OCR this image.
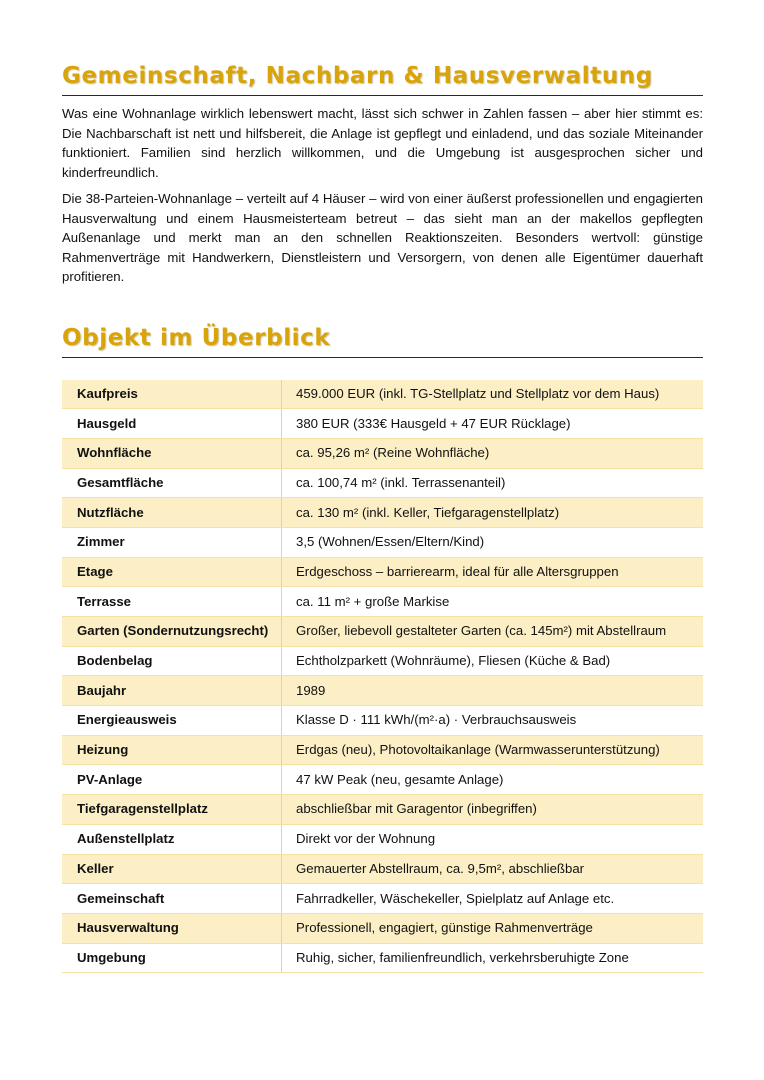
Gemeinschaft, Nachbarn & Hausverwaltung

Was eine Wohnanlage wirklich lebenswert macht, lässt sich schwer in Zahlen fassen – aber hier stimmt es: Die Nachbarschaft ist nett und hilfsbereit, die Anlage ist gepflegt und einladend, und das soziale Miteinander funktioniert. Familien sind herzlich willkommen, und die Umgebung ist ausgesprochen sicher und kinderfreundlich.

Die 38-Parteien-Wohnanlage – verteilt auf 4 Häuser – wird von einer äußerst professionellen und engagierten Hausverwaltung und einem Hausmeisterteam betreut – das sieht man an der makellos gepflegten Außenanlage und merkt man an den schnellen Reaktionszeiten. Besonders wertvoll: günstige Rahmenverträge mit Handwerkern, Dienstleistern und Versorgern, von denen alle Eigentümer dauerhaft profitieren.

Objekt im Überblick
Kaufpreis	459.000 EUR (inkl. TG-Stellplatz und Stellplatz vor dem Haus)
Hausgeld	380 EUR (333€ Hausgeld + 47 EUR Rücklage)
Wohnfläche	ca. 95,26 m² (Reine Wohnfläche)
Gesamtfläche	ca. 100,74 m² (inkl. Terrassenanteil)
Nutzfläche	ca. 130 m² (inkl. Keller, Tiefgaragenstellplatz)
Zimmer	3,5 (Wohnen/Essen/Eltern/Kind)
Etage	Erdgeschoss – barrierearm, ideal für alle Altersgruppen
Terrasse	ca. 11 m² + große Markise
Garten (Sondernutzungsrecht)	Großer, liebevoll gestalteter Garten (ca. 145m²) mit Abstellraum
Bodenbelag	Echtholzparkett (Wohnräume), Fliesen (Küche & Bad)
Baujahr	1989
Energieausweis	Klasse D · 111 kWh/(m²·a) · Verbrauchsausweis
Heizung	Erdgas (neu), Photovoltaikanlage (Warmwasserunterstützung)
PV-Anlage	47 kW Peak (neu, gesamte Anlage)
Tiefgaragenstellplatz	abschließbar mit Garagentor (inbegriffen)
Außenstellplatz	Direkt vor der Wohnung
Keller	Gemauerter Abstellraum, ca. 9,5m², abschließbar
Gemeinschaft	Fahrradkeller, Wäschekeller, Spielplatz auf Anlage etc.
Hausverwaltung	Professionell, engagiert, günstige Rahmenverträge
Umgebung	Ruhig, sicher, familienfreundlich, verkehrsberuhigte Zone
